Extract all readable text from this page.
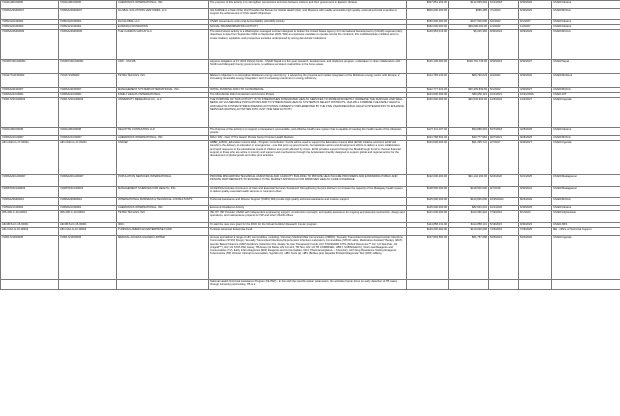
72021118C00006	72021118C00006	CHEMONICS INTERNATIONAL, INC.	The purpose of this activity is to strengthen connections and trust between citizens and their government in Eastern Ukraine.	$327,851,252.00	$142,825,694	10/1/2018	9/30/2026	USAID/Ukraine
72066A24M00007	72066A24M00007	GLOBAL SOLUTIONS VENTURES, LLC	GH-SURGE is a Task Order that Provides the Bureau for Global Health (GH), and Missions with readily accessible high quality, external technical expertise to support the achievement of USG Health Objectives.	$500,000,000.00	$696,485	7/1/2024	6/30/2029	USAID/M/OAA
72052122C00001	72052122C00001	DAI GLOBAL LLC	USAID Governance and Local Accountability (AGORA) Activity	$150,000,000.00	$107,000,000	6/2/2022	6/1/2027	USAID/Ukraine
72052122C00003	72052121C00001	EURASIA FOUNDATION	SOCIAL TRANSFORMATION ACTIVITY	$152,000,000.00	$39,000,000.00	1/3/2022	1/2/2027	USAID/Ukraine
72066A24M00009	72066A24M00009	THE CADMUS GROUP LLC	The Asia Futures activity is a Washington-managed contract designed to bolster the United States Agency for International Development's (USAID) regional policy objectives in Asia from September 2024 to September 2029. With an expansive mandate to operate across the continent, this multidisciplinary initiative aims to create resilient, equitable, and prosperous societies underpinned by strong democratic institutions.	$149,953,013.00	$6,045,366	9/30/2024	9/29/2029	USAID/M/OAA
7204FP19CA00001	7204FP19CA00001	CRS - USCCB	Approve obligation of FY 2019 JSG(a) funds - USAID Nepal is a five-year research, development, and resilience program, undertaken in close collaboration with Sindhi and Marsyadi County governments, to address persistent malnutrition in the focus areas.	$146,100,000.00	$109,791,746.00	9/30/2019	9/30/2027	USAID/Nepal
720117721F00002	7201171S05002	TETRA TECH ES, INC.	MEGA is objective is to strengthen Moldova's energy security by: 1 advancing the physical and market integration of the Moldovan energy sector with Europe; 2 increasing renewable energy integration; and 3 increasing investment in energy efficiency.	$144,783,130.00	$80,790,023	3/4/2022	9/30/2026	USAID/Moldova
72066A22F00007	72066A22F00007	MANAGEMENT SYSTEMS INTERNATIONAL, INC.	INITIAL FUNDING FOR LTO CLOSURE/OAL	$142,777,323.00	$46,309,839.66	5/1/2022	4/30/2027	USAID/M/OAA
72066A21C00001	72066A21C00001	FAMILY HEALTH INTERNATIONAL	The Microbicide 2021 Introduction and Access Project	$143,000,000.00	$66,050,119	10/1/2021	10/31/2026	USAID-DIT
72061723CA00003	72061723CA00003	UNIVERSITY RESEARCH CO., LLC	THE PURPOSE OF THIS ACTIVITY IS TO STRENGTHEN INTEGRATED HEALTH SERVICES TO MORE EFFICIENTLY INCREASE THE SURVIVAL AND WELL-BEING OF VULNERABLE POPULATIONS AND TO STRENGTHEN HEALTH SYSTEMS IN SELECT DISTRICTS. UHA WILL COMBINE THE FAMILY HEALTH AND HEALTH SYSTEM STRENGTHENING ACTIVITIES CURRENTLY IMPLEMENTED BY THE FIVE USAID/REGIONAL HEALTH INTEGRATION TO ENHANCE SERVICES (RHITES) ACTIVITIES INTO JUST ONE NEW ACTIVITY.	$140,000,000.00	$30,534,932.00	12/5/2022	12/4/2027	USAID/Uganda
72021118C00008	72021118C00008	DELOITTE CONSULTING LLP	The Purpose of the activity is to support a transparent, accountable, and effective health care system that is capable of meeting the health needs of the Ukrainian people.	$137,311,167.00	$94,868,391	6/27/2018	4/25/2025	USAID/Ukraine
72066A21C00007	72066A21C00007	CHEMONICS INTERNATIONAL, INC.	FRH / DIV - New: PTCs Award: Private Sector Frontier Health Markets	$134,768,664.00	$33,777,964	9/27/2021	9/26/2026	USAID/M/OAA
AID-OGD-G-17-00001	AID-OGD-G-17-00001	UNICEF	HBBR_E.BOD_Education Cannot Wait - Program Contribution: Funds will be used to support the Education Cannot Wait (ECW) initiative and fund. ECW will transform the delivery of education in emergencies - one that joins up governments, humanitarian actors and development efforts to deliver a more collaborative and rapid response to the educational needs of children and youth affected by crises. ECW provides support through the Breakthrough Fund to channel financial support to those who are active in country and support and mechanisms through the Acceleration Facility designed to support global and regional actors for the development of global goods and other joint activities.	$133,000,000.00	$91,295,741	2/7/2017	9/30/2027	USAID/Uganda
72066A20CA00007	72066A20CA00007	POPULATION SERVICES INTERNATIONAL	PROVIDE MNCH/FP/RH TECHNICAL ASSISTANCE AND CAPACITY BUILDING TO PRIVATE HEALTHCARE PROVIDERS AND EXPANDING PUBLIC AND PRIVATE PARTNERSHIPS TO ENSURE A TOTAL MARKET APPROACH FOR IMPROVED HEALTH CARE COVERAGE	$132,000,000.00	$91,142,160.00	6/22/2020	6/21/2025	USAID/Madagascar
72068718CA00003	72068718CA00003	MANAGEMENT SCIENCES FOR HEALTH, INC.	ACCESS/Accelerate Continuum of Care and Essential Services Sustained: Strengthening Service Delivery to increase the capacity of the Malagasy health system to deliver quality essential health services in rural and urban.	$128,500,000.00	$128,500,000	9/7/2018	9/30/2024	USAID/Madagascar
72066A24M00010	72066A24M00010	INTERNATIONAL BUSINESS & TECHNICAL CONSULTANTS	Technical Assistance and Mission Support (TAMS) Will provide high-quality technical assistance and mission support	$125,000,000.00	$123,826,000	10/25/2024	8/24/2029	USAID/M/OAA
72052021C00001	72052021C00001	CHEMONICS INTERNATIONAL, INC.	Economic Resilience Activity	$125,000,000.00	$82,604,201	10/1/2020	6/30/2025	USAID/Ukraine
306-306-C-16-00010	306-306-C-16-00010	TETRA TECH ES, INC.	ISF-OT: ISP Provider USAID with Independent engineering support, construction oversight, and quality assurance for ongoing and planned construction, design and operations, and maintenance projects for ISP and other USAID offices	$121,000,000.00	$114,690,922	7/19/2016	8/1/2023	USAID/Afghanistan
AID-BFS-IO-15-00001	AID-BFS-IO-15-00001	IFDC	To start the new core grant for the IFDC for the Virtual Fertilizer Research Center program.	$114,858,131.00	$114,858,131	5/19/2015	9/30/2023	USAID-BFS
AID-OAA-G-16-00004	AID-OAA-G-16-00004	TUNISIAN-AMERICAN ENTERPRISE FUND	Tunisian-American Enterprise Fund	$120,000,000.00	$120,000,000	7/26/2016	7/26/2025	ME - Office of Technical Support
72061721F00005	72061721F00005	MEDICAL ACCESS UGANDA LIMITED	procure and deliver a range of HIV commodities, including; Voluntary Medical Male Circumcision (VMMC); Sexually Transmitted Infections/Opportunistic Infections Commodities (STI/OI Drugs); Sexually Transmitted Infections/Opportunistic Infections Laboratory Commodities (STI/OI Labs); Medication Assisted Therapy (MAT); Gender Based Violence (GBV) Evidence Collection Kits; Ready-To-Use Therapeutic Foods; HIV STANDARD KITS (Abbott Determine™ 1/2, 1/2 Stat-Pak, 1/2 Unigold™), HIV 1/2 STAT-PAK Assay, TB Assay (GI Bethe HIV 1/2 a13, TB Test, HIV 1/2 TB COMBINED, HBST, SUBSCHECK); Viral Load Reagents and Consumables (TV); Early Infant Diagnosis (EID) Reagents and Consumables; CD4; Pharmacovigilance – Chemistry; HIV Drug Resistance Testing Reagents; Tuberculosis (TB) Clinical; Clinical Consumables, Syphilis (U), HBV Tests (q), HBV (Bottles (anti Hepatitis B Rapid Diagnostic Test (RDT) HBsAg	$137,863,581.00	$81,757,086	5/25/2021	5/24/2026	USAID/Uganda
			National Health Technical Assistance Program (NHTAP) - In line with the specific waiver parameters, the activities herein focus on early detection of TB cases through screening and testing, TB is a					
